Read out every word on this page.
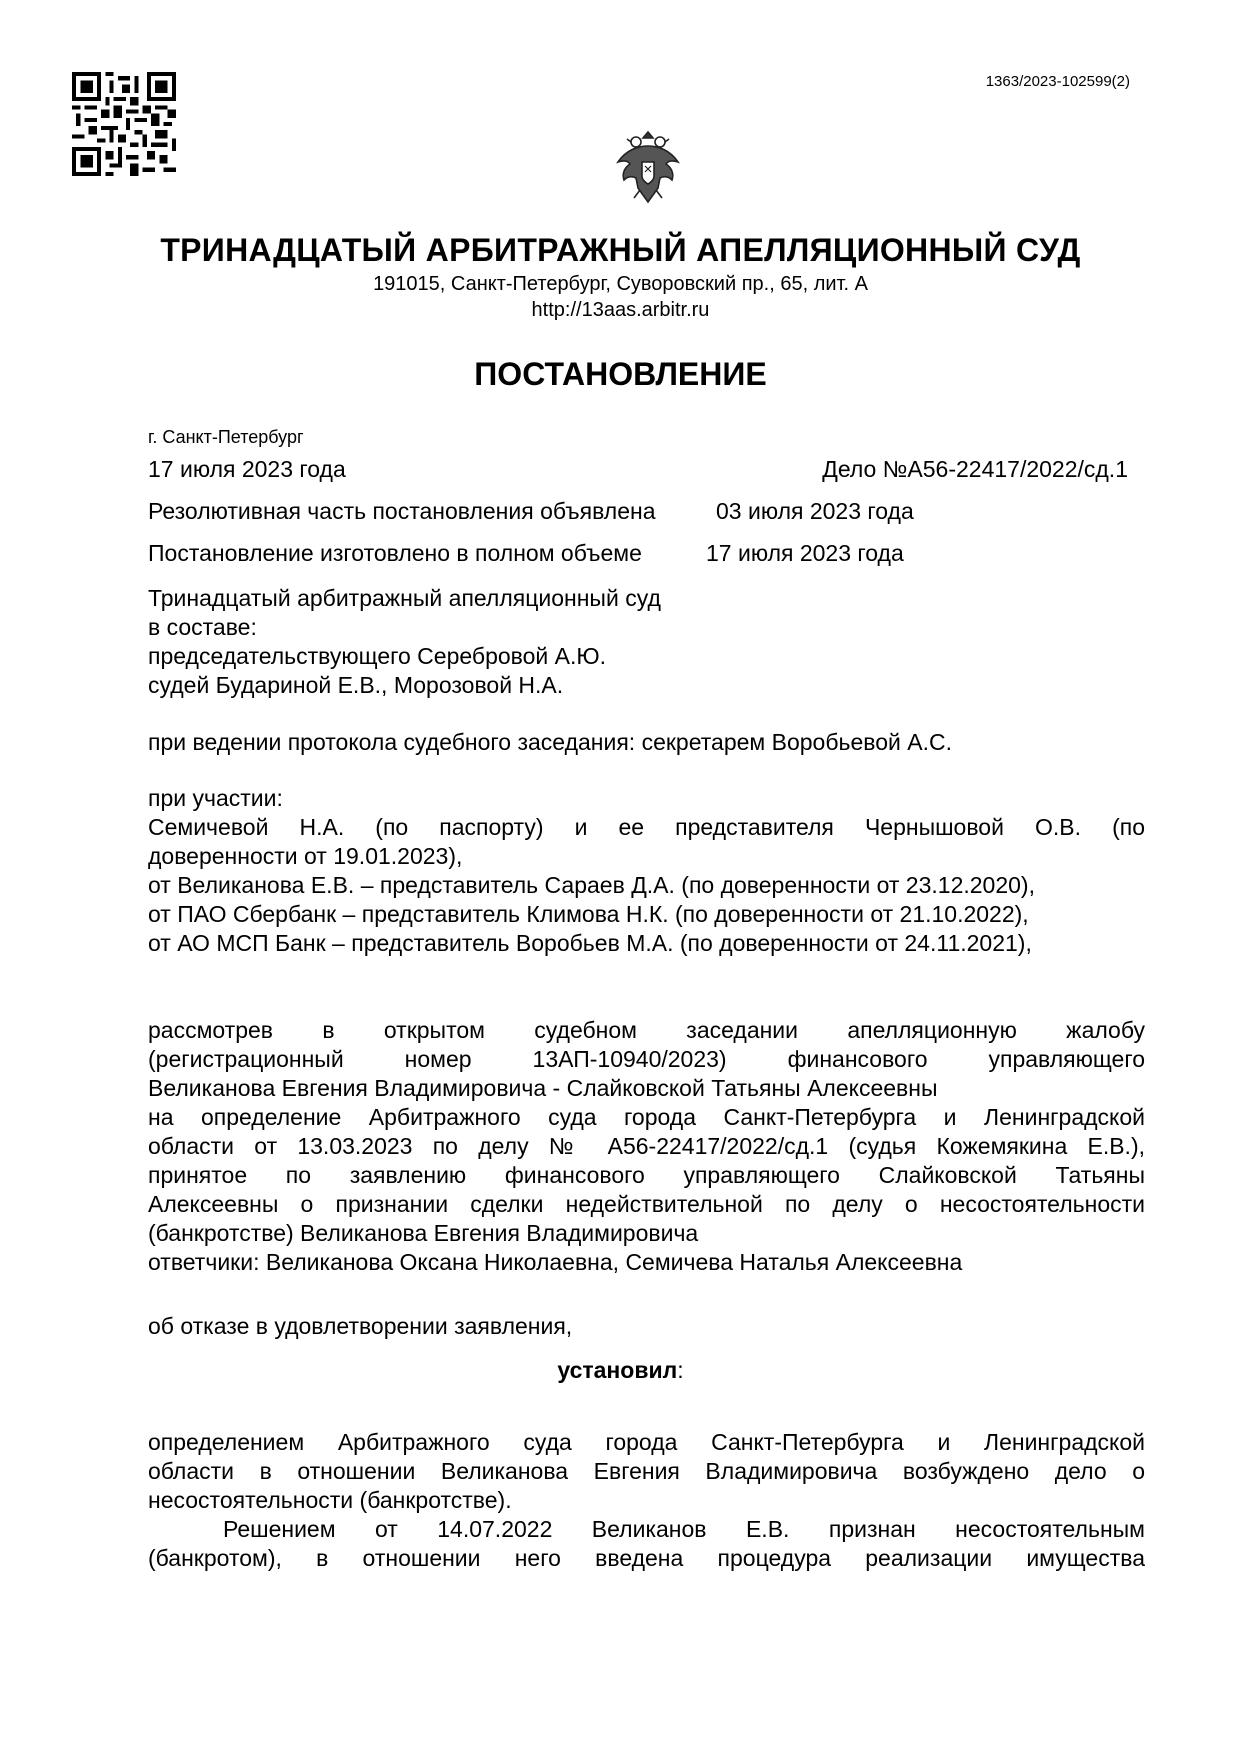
1363/2023-102599(2)
ТРИНАДЦАТЫЙ АРБИТРАЖНЫЙ АПЕЛЛЯЦИОННЫЙ СУД
191015, Санкт-Петербург, Суворовский пр., 65, лит. А
http://13aas.arbitr.ru
ПОСТАНОВЛЕНИЕ
г. Санкт-Петербург
17 июля 2023 года	Дело №А56-22417/2022/сд.1
Резолютивная часть постановления объявлена	03 июля 2023 года
Постановление изготовлено в полном объеме	17 июля 2023 года
Тринадцатый арбитражный апелляционный суд
в составе:
председательствующего Серебровой А.Ю.
судей Будариной Е.В., Морозовой Н.А.
при ведении протокола судебного заседания: секретарем Воробьевой А.С.
при участии:
Семичевой Н.А. (по паспорту) и ее представителя Чернышовой О.В. (по
доверенности от 19.01.2023),
от Великанова Е.В. – представитель Сараев Д.А. (по доверенности от 23.12.2020),
от ПАО Сбербанк – представитель Климова Н.К. (по доверенности от 21.10.2022),
от АО МСП Банк – представитель Воробьев М.А. (по доверенности от 24.11.2021),
рассмотрев в открытом судебном заседании апелляционную жалобу
(регистрационный номер 13АП-10940/2023) финансового управляющего
Великанова Евгения Владимировича - Слайковской Татьяны Алексеевны
на определение Арбитражного суда города Санкт-Петербурга и Ленинградской
области от 13.03.2023 по делу № А56-22417/2022/сд.1 (судья Кожемякина Е.В.),
принятое по заявлению финансового управляющего Слайковской Татьяны
Алексеевны о признании сделки недействительной по делу о несостоятельности
(банкротстве) Великанова Евгения Владимировича
ответчики: Великанова Оксана Николаевна, Семичева Наталья Алексеевна
об отказе в удовлетворении заявления,
установил:
определением Арбитражного суда города Санкт-Петербурга и Ленинградской
области в отношении Великанова Евгения Владимировича возбуждено дело о
несостоятельности (банкротстве).
Решением от 14.07.2022 Великанов Е.В. признан несостоятельным
(банкротом), в отношении него введена процедура реализации имущества
